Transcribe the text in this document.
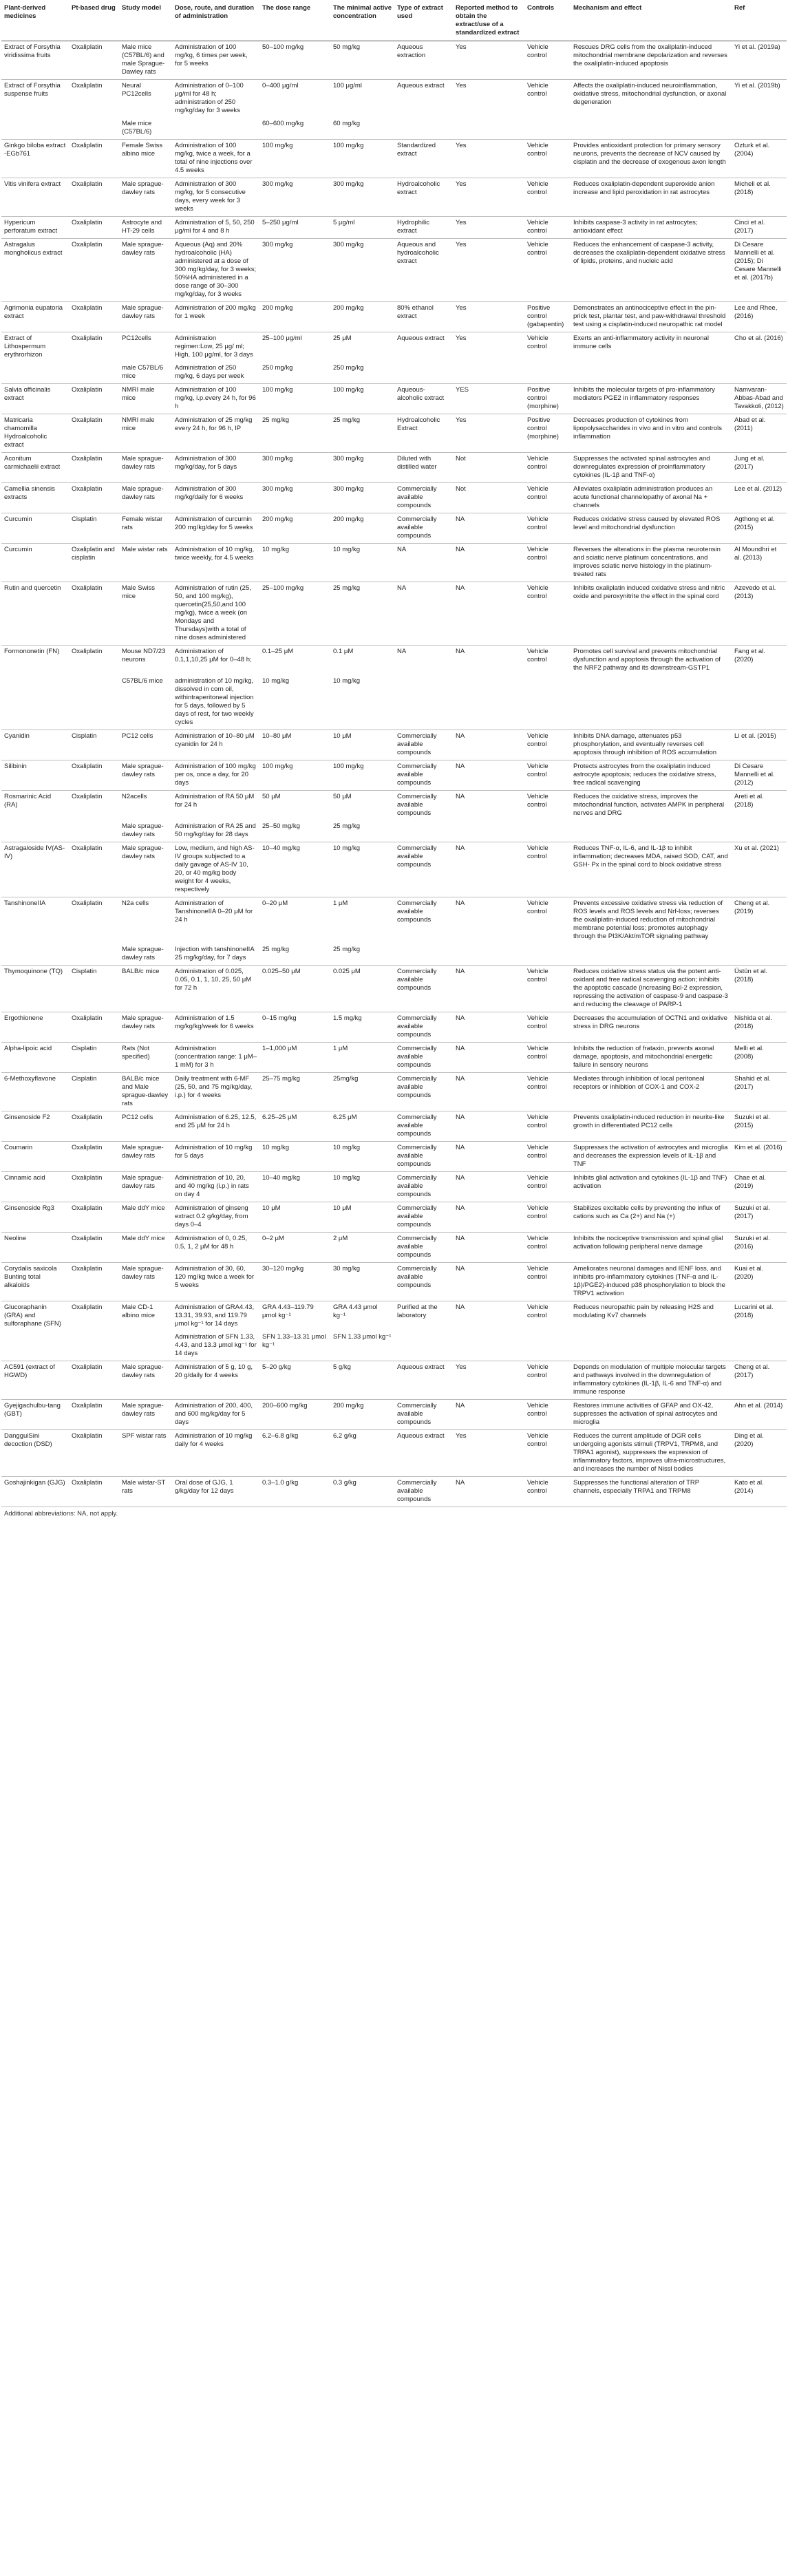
Plant-derived medicines	Pt-based drug	Study model	Dose, route, and duration of administration	The dose range	The minimal active concentration	Type of extract used	Reported method to obtain the extract/use of a standardized extract	Controls	Mechanism and effect	Ref
Extract of Forsythia viridissima fruits	Oxaliplatin	Male mice (C57BL/6) and male Sprague-Dawley rats	Administration of 100 mg/kg, 6 times per week, for 5 weeks	50–100 mg/kg	50 mg/kg	Aqueous extraction	Yes	Vehicle control	Rescues DRG cells from the oxaliplatin-induced mitochondrial membrane depolarization and reverses the oxaliplatin-induced apoptosis	Yi et al. (2019a)
Extract of Forsythia suspense fruits	Oxaliplatin	Neural PC12cells	Administration of 0–100 μg/ml for 48 h; administration of 250 mg/kg/day for 3 weeks	0–400 μg/ml	100 μg/ml	Aqueous extract	Yes	Vehicle control	Affects the oxaliplatin-induced neuroinflammation, oxidative stress, mitochondrial dysfunction, or axonal degeneration	Yi et al. (2019b)
		Male mice (C57BL/6)		60–600 mg/kg	60 mg/kg					
Ginkgo biloba extract -EGb761	Oxaliplatin	Female Swiss albino mice	Administration of 100 mg/kg, twice a week, for a total of nine injections over 4.5 weeks	100 mg/kg	100 mg/kg	Standardized extract	Yes	Vehicle control	Provides antioxidant protection for primary sensory neurons, prevents the decrease of NCV caused by cisplatin and the decrease of exogenous axon length	Ozturk et al. (2004)
Vitis vinifera extract	Oxaliplatin	Male sprague-dawley rats	Administration of 300 mg/kg, for 5 consecutive days, every week for 3 weeks	300 mg/kg	300 mg/kg	Hydroalcoholic extract	Yes	Vehicle control	Reduces oxaliplatin-dependent superoxide anion increase and lipid peroxidation in rat astrocytes	Micheli et al. (2018)
Hypericum perforatum extract	Oxaliplatin	Astrocyte and HT-29 cells	Administration of 5, 50, 250 μg/ml for 4 and 8 h	5–250 μg/ml	5 μg/ml	Hydrophilic extract	Yes	Vehicle control	Inhibits caspase-3 activity in rat astrocytes; antioxidant effect	Cinci et al. (2017)
Astragalus mongholicus extract	Oxaliplatin	Male sprague-dawley rats	Aqueous (Aq) and 20% hydroalcoholic (HA) administered at a dose of 300 mg/kg/day, for 3 weeks; 50%HA administered in a dose range of 30–300 mg/kg/day, for 3 weeks	300 mg/kg	300 mg/kg	Aqueous and hydroalcoholic extract	Yes	Vehicle control	Reduces the enhancement of caspase-3 activity, decreases the oxaliplatin-dependent oxidative stress of lipids, proteins, and nucleic acid	Di Cesare Mannelli et al. (2015); Di Cesare Mannelli et al. (2017b)
Agrimonia eupatoria extract	Oxaliplatin	Male sprague-dawley rats	Administration of 200 mg/kg for 1 week	200 mg/kg	200 mg/kg	80% ethanol extract	Yes	Positive control (gabapentin)	Demonstrates an antinociceptive effect in the pin-prick test, plantar test, and paw-withdrawal threshold test using a cisplatin-induced neuropathic rat model	Lee and Rhee, (2016)
Extract of Lithospermum erythrorhizon	Oxaliplatin	PC12cells	Administration regimen:Low, 25 μg/ ml; High, 100 μg/ml, for 3 days	25–100 μg/ml	25 μM	Aqueous extract	Yes	Vehicle control	Exerts an anti-inflammatory activity in neuronal immune cells	Cho et al. (2016)
		male C57BL/6 mice	Administration of 250 mg/kg, 6 days per week	250 mg/kg	250 mg/kg					
Salvia officinalis extract	Oxaliplatin	NMRI male mice	Administration of 100 mg/kg, i.p.every 24 h, for 96 h	100 mg/kg	100 mg/kg	Aqueous-alcoholic extract	YES	Positive control (morphine)	Inhibits the molecular targets of pro-inflammatory mediators PGE2 in inflammatory responses	Namvaran-Abbas-Abad and Tavakkoli, (2012)
Matricaria chamomilla Hydroalcoholic extract	Oxaliplatin	NMRI male mice	Administration of 25 mg/kg every 24 h, for 96 h, IP	25 mg/kg	25 mg/kg	Hydroalcoholic Extract	Yes	Positive control (morphine)	Decreases production of cytokines from lipopolysaccharides in vivo and in vitro and controls inflammation	Abad et al. (2011)
Aconitum carmichaelii extract	Oxaliplatin	Male sprague-dawley rats	Administration of 300 mg/kg/day, for 5 days	300 mg/kg	300 mg/kg	Diluted with distilled water	Not	Vehicle control	Suppresses the activated spinal astrocytes and downregulates expression of proinflammatory cytokines (IL-1β and TNF-α)	Jung et al. (2017)
Camellia sinensis extracts	Oxaliplatin	Male sprague-dawley rats	Administration of 300 mg/kg/daily for 6 weeks	300 mg/kg	300 mg/kg	Commercially available compounds	Not	Vehicle control	Alleviates oxaliplatin administration produces an acute functional channelopathy of axonal Na + channels	Lee et al. (2012)
Curcumin	Cisplatin	Female wistar rats	Administration of curcumin 200 mg/kg/day for 5 weeks	200 mg/kg	200 mg/kg	Commercially available compounds	NA	Vehicle control	Reduces oxidative stress caused by elevated ROS level and mitochondrial dysfunction	Agthong et al. (2015)
Curcumin	Oxaliplatin and cisplatin	Male wistar rats	Administration of 10 mg/kg, twice weekly, for 4.5 weeks	10 mg/kg	10 mg/kg	NA	NA	Vehicle control	Reverses the alterations in the plasma neurotensin and sciatic nerve platinum concentrations, and improves sciatic nerve histology in the platinum-treated rats	Al Moundhri et al. (2013)
Rutin and quercetin	Oxaliplatin	Male Swiss mice	Administration of rutin (25, 50, and 100 mg/kg), quercetin(25,50,and 100 mg/kg), twice a week (on Mondays and Thursdays)with a total of nine doses administered	25–100 mg/kg	25 mg/kg	NA	NA	Vehicle control	Inhibits oxaliplatin induced oxidative stress and nitric oxide and peroxynitrite the effect in the spinal cord	Azevedo et al. (2013)
Formononetin (FN)	Oxaliplatin	Mouse ND7/23 neurons	Administration of 0.1,1,10,25 μM for 0–48 h;	0.1–25 μM	0.1 μM	NA	NA	Vehicle control	Promotes cell survival and prevents mitochondrial dysfunction and apoptosis through the activation of the NRF2 pathway and its downstream-GSTP1	Fang et al. (2020)
		C57BL/6 mice	administration of 10 mg/kg, dissolved in corn oil, withintraperitoneal injection for 5 days, followed by 5 days of rest, for two weekly cycles	10 mg/kg	10 mg/kg					
Cyanidin	Cisplatin	PC12 cells	Administration of 10–80 μM cyanidin for 24 h	10–80 μM	10 μM	Commercially available compounds	NA	Vehicle control	Inhibits DNA damage, attenuates p53 phosphorylation, and eventually reverses cell apoptosis through inhibition of ROS accumulation	Li et al. (2015)
Silibinin	Oxaliplatin	Male sprague-dawley rats	Administration of 100 mg/kg per os, once a day, for 20 days	100 mg/kg	100 mg/kg	Commercially available compounds	NA	Vehicle control	Protects astrocytes from the oxaliplatin induced astrocyte apoptosis; reduces the oxidative stress, free radical scavenging	Di Cesare Mannelli et al. (2012)
Rosmarinic Acid (RA)	Oxaliplatin	N2acells	Administration of RA 50 μM for 24 h	50 μM	50 μM	Commercially available compounds	NA	Vehicle control	Reduces the oxidative stress, improves the mitochondrial function, activates AMPK in peripheral nerves and DRG	Areti et al. (2018)
		Male sprague-dawley rats	Administration of RA 25 and 50 mg/kg/day for 28 days	25–50 mg/kg	25 mg/kg					
Astragaloside IV(AS-IV)	Oxaliplatin	Male sprague-dawley rats	Low, medium, and high AS-IV groups subjected to a daily gavage of AS-IV 10, 20, or 40 mg/kg body weight for 4 weeks, respectively	10–40 mg/kg	10 mg/kg	Commercially available compounds	NA	Vehicle control	Reduces TNF-α, IL-6, and IL-1β to inhibit inflammation; decreases MDA, raised SOD, CAT, and GSH- Px in the spinal cord to block oxidative stress	Xu et al. (2021)
TanshinoneIIA	Oxaliplatin	N2a cells	Administration of TanshinoneIIA 0–20 μM for 24 h	0–20 μM	1 μM	Commercially available compounds	NA	Vehicle control	Prevents excessive oxidative stress via reduction of ROS levels and ROS levels and Nrf-loss; reverses the oxaliplatin-induced reduction of mitochondrial membrane potential loss; promotes autophagy through the PI3K/Akt/mTOR signaling pathway	Cheng et al. (2019)
		Male sprague-dawley rats	Injection with tanshinoneIIA 25 mg/kg/day, for 7 days	25 mg/kg	25 mg/kg					
Thymoquinone (TQ)	Cisplatin	BALB/c mice	Administration of 0.025, 0.05, 0.1, 1, 10, 25, 50 μM for 72 h	0.025–50 μM	0.025 μM	Commercially available compounds	NA	Vehicle control	Reduces oxidative stress status via the potent anti-oxidant and free radical scavenging action; inhibits the apoptotic cascade (increasing Bcl-2 expression, repressing the activation of caspase-9 and caspase-3 and reducing the cleavage of PARP-1	Üstün et al. (2018)
Ergothionene	Oxaliplatin	Male sprague-dawley rats	Administration of 1.5 mg/kg/kg/week for 6 weeks	0–15 mg/kg	1.5 mg/kg	Commercially available compounds	NA	Vehicle control	Decreases the accumulation of OCTN1 and oxidative stress in DRG neurons	Nishida et al. (2018)
Alpha-lipoic acid	Cisplatin	Rats (Not specified)	Administration (concentration range: 1 μM–1 mM) for 3 h	1–1,000 μM	1 μM	Commercially available compounds	NA	Vehicle control	Inhibits the reduction of frataxin, prevents axonal damage, apoptosis, and mitochondrial energetic failure in sensory neurons	Melli et al. (2008)
6-Methoxyflavone	Cisplatin	BALB/c mice and Male sprague-dawley rats	Daily treatment with 6-MF (25, 50, and 75 mg/kg/day, i.p.) for 4 weeks	25–75 mg/kg	25mg/kg	Commercially available compounds	NA	Vehicle control	Mediates through inhibition of local peritoneal receptors or inhibition of COX-1 and COX-2	Shahid et al. (2017)
Ginsenoside F2	Oxaliplatin	PC12 cells	Administration of 6.25, 12.5, and 25 μM for 24 h	6.25–25 μM	6.25 μM	Commercially available compounds	NA	Vehicle control	Prevents oxaliplatin-induced reduction in neurite-like growth in differentiated PC12 cells	Suzuki et al. (2015)
Coumarin	Oxaliplatin	Male sprague-dawley rats	Administration of 10 mg/kg for 5 days	10 mg/kg	10 mg/kg	Commercially available compounds	NA	Vehicle control	Suppresses the activation of astrocytes and microglia and decreases the expression levels of IL-1β and TNF	Kim et al. (2016)
Cinnamic acid	Oxaliplatin	Male sprague-dawley rats	Administration of 10, 20, and 40 mg/kg (i.p.) in rats on day 4	10–40 mg/kg	10 mg/kg	Commercially available compounds	NA	Vehicle control	Inhibits glial activation and cytokines (IL-1β and TNF) activation	Chae et al. (2019)
Ginsenoside Rg3	Oxaliplatin	Male ddY mice	Administration of ginseng extract 0.2 g/kg/day, from days 0–4	10 μM	10 μM	Commercially available compounds	NA	Vehicle control	Stabilizes excitable cells by preventing the influx of cations such as Ca (2+) and Na (+)	Suzuki et al. (2017)
Neoline	Oxaliplatin	Male ddY mice	Administration of 0, 0.25, 0.5, 1, 2 μM for 48 h	0–2 μM	2 μM	Commercially available compounds	NA	Vehicle control	Inhibits the nociceptive transmission and spinal glial activation following peripheral nerve damage	Suzuki et al. (2016)
Corydalis saxicola Bunting total alkaloids	Oxaliplatin	Male sprague-dawley rats	Administration of 30, 60, 120 mg/kg twice a week for 5 weeks	30–120 mg/kg	30 mg/kg	Commercially available compounds	NA	Vehicle control	Ameliorates neuronal damages and IENF loss, and inhibits pro-inflammatory cytokines (TNF-α and IL-1β)/PGE2)-induced p38 phosphorylation to block the TRPV1 activation	Kuai et al. (2020)
Glucoraphanin (GRA) and sulforaphane (SFN)	Oxaliplatin	Male CD-1 albino mice	Administration of GRA4.43, 13.31, 39.93, and 119.79 μmol kg⁻¹ for 14 days	GRA 4.43–119.79 μmol kg⁻¹	GRA 4.43 μmol kg⁻¹	Purified at the laboratory	NA	Vehicle control	Reduces neuropathic pain by releasing H2S and modulating Kv7 channels	Lucarini et al. (2018)
			Administration of SFN 1.33, 4.43, and 13.3 μmol kg⁻¹ for 14 days	SFN 1.33–13.31 μmol kg⁻¹	SFN 1.33 μmol kg⁻¹					
AC591 (extract of HGWD)	Oxaliplatin	Male sprague-dawley rats	Administration of 5 g, 10 g, 20 g/daily for 4 weeks	5–20 g/kg	5 g/kg	Aqueous extract	Yes	Vehicle control	Depends on modulation of multiple molecular targets and pathways involved in the downregulation of inflammatory cytokines (IL-1β, IL-6 and TNF-α) and immune response	Cheng et al. (2017)
Gyejigachulbu-tang (GBT)	Oxaliplatin	Male sprague-dawley rats	Administration of 200, 400, and 600 mg/kg/day for 5 days	200–600 mg/kg	200 mg/kg	Commercially available compounds	NA	Vehicle control	Restores immune activities of GFAP and OX-42, suppresses the activation of spinal astrocytes and microglia	Ahn et al. (2014)
DangguiSini decoction (DSD)	Oxaliplatin	SPF wistar rats	Administration of 10 mg/kg daily for 4 weeks	6.2–6.8 g/kg	6.2 g/kg	Aqueous extract	Yes	Vehicle control	Reduces the current amplitude of DGR cells undergoing agonists stimuli (TRPV1, TRPM8, and TRPA1 agonist), suppresses the expression of inflammatory factors, improves ultra-microstructures, and increases the number of Nissl bodies	Ding et al. (2020)
Goshajinkigan (GJG)	Oxaliplatin	Male wistar-ST rats	Oral dose of GJG, 1 g/kg/day for 12 days	0.3–1.0 g/kg	0.3 g/kg	Commercially available compounds	NA	Vehicle control	Suppresses the functional alteration of TRP channels, especially TRPA1 and TRPM8	Kato et al. (2014)
Additional abbreviations: NA, not apply.
